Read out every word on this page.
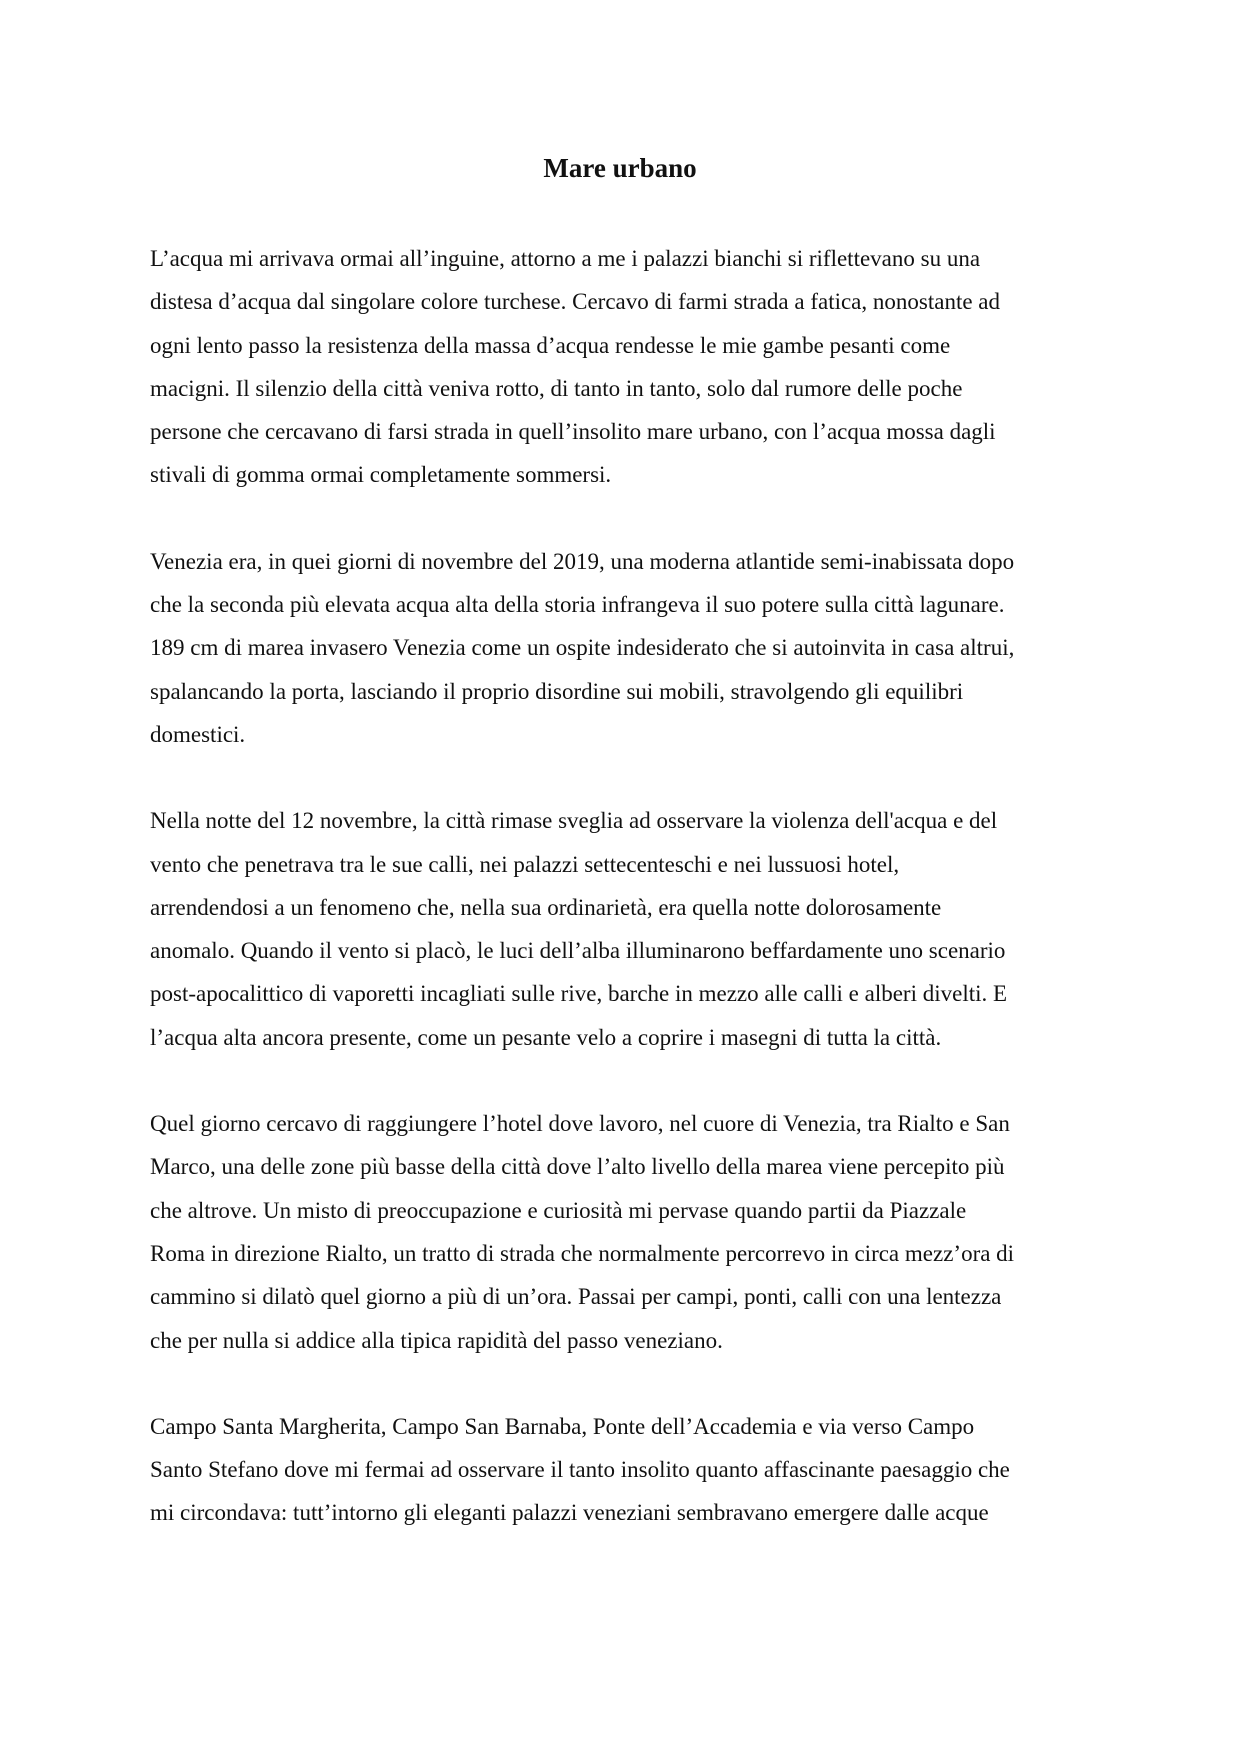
Mare urbano

L’acqua mi arrivava ormai all’inguine, attorno a me i palazzi bianchi si riflettevano su una
distesa d’acqua dal singolare colore turchese. Cercavo di farmi strada a fatica, nonostante ad
ogni lento passo la resistenza della massa d’acqua rendesse le mie gambe pesanti come
macigni. Il silenzio della città veniva rotto, di tanto in tanto, solo dal rumore delle poche
persone che cercavano di farsi strada in quell’insolito mare urbano, con l’acqua mossa dagli
stivali di gomma ormai completamente sommersi.

Venezia era, in quei giorni di novembre del 2019, una moderna atlantide semi-inabissata dopo
che la seconda più elevata acqua alta della storia infrangeva il suo potere sulla città lagunare.
189 cm di marea invasero Venezia come un ospite indesiderato che si autoinvita in casa altrui,
spalancando la porta, lasciando il proprio disordine sui mobili, stravolgendo gli equilibri
domestici.

Nella notte del 12 novembre, la città rimase sveglia ad osservare la violenza dell'acqua e del
vento che penetrava tra le sue calli, nei palazzi settecenteschi e nei lussuosi hotel,
arrendendosi a un fenomeno che, nella sua ordinarietà, era quella notte dolorosamente
anomalo. Quando il vento si placò, le luci dell’alba illuminarono beffardamente uno scenario
post-apocalittico di vaporetti incagliati sulle rive, barche in mezzo alle calli e alberi divelti. E
l’acqua alta ancora presente, come un pesante velo a coprire i masegni di tutta la città.

Quel giorno cercavo di raggiungere l’hotel dove lavoro, nel cuore di Venezia, tra Rialto e San
Marco, una delle zone più basse della città dove l’alto livello della marea viene percepito più
che altrove. Un misto di preoccupazione e curiosità mi pervase quando partii da Piazzale
Roma in direzione Rialto, un tratto di strada che normalmente percorrevo in circa mezz’ora di
cammino si dilatò quel giorno a più di un’ora. Passai per campi, ponti, calli con una lentezza
che per nulla si addice alla tipica rapidità del passo veneziano.

Campo Santa Margherita, Campo San Barnaba, Ponte dell’Accademia e via verso Campo
Santo Stefano dove mi fermai ad osservare il tanto insolito quanto affascinante paesaggio che
mi circondava: tutt’intorno gli eleganti palazzi veneziani sembravano emergere dalle acque
